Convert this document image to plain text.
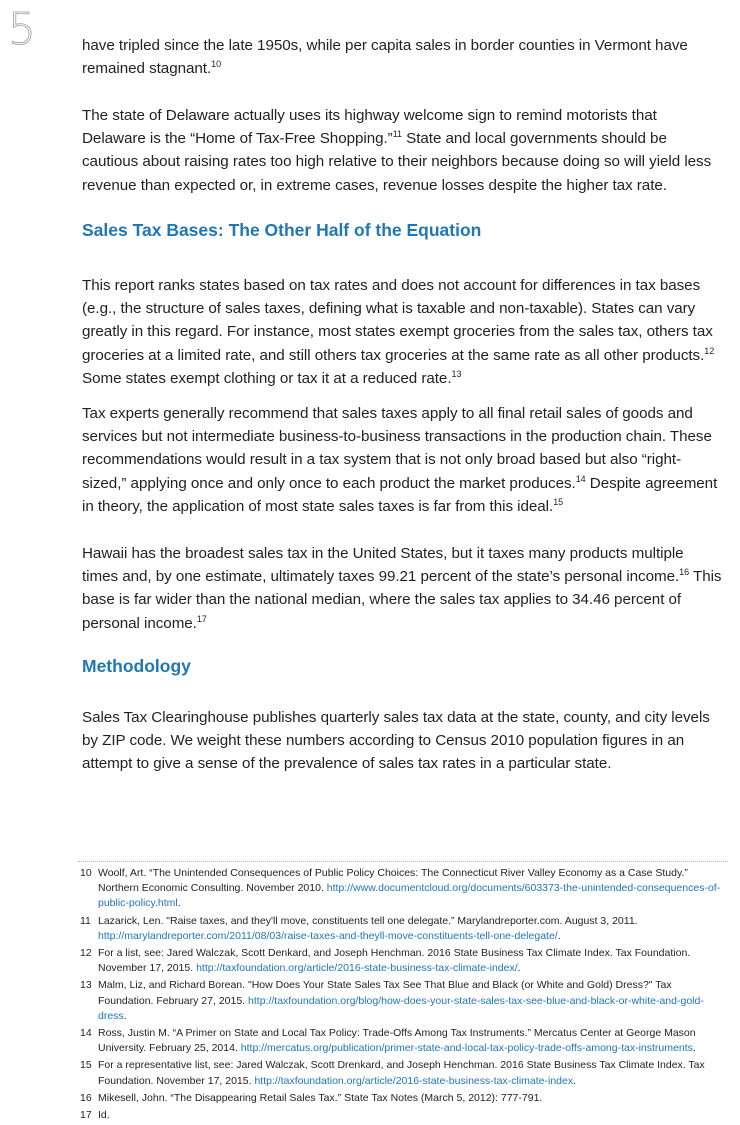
5	have tripled since the late 1950s, while per capita sales in border counties in Vermont have remained stagnant.$^{10}$

The state of Delaware actually uses its highway welcome sign to remind motorists that Delaware is the “Home of Tax-Free Shopping.”$^{11}$ State and local governments should be cautious about raising rates too high relative to their neighbors because doing so will yield less revenue than expected or, in extreme cases, revenue losses despite the higher tax rate.

Sales Tax Bases: The Other Half of the Equation

This report ranks states based on tax rates and does not account for differences in tax bases (e.g., the structure of sales taxes, defining what is taxable and non-taxable). States can vary greatly in this regard. For instance, most states exempt groceries from the sales tax, others tax groceries at a limited rate, and still others tax groceries at the same rate as all other products.$^{12}$ Some states exempt clothing or tax it at a reduced rate.$^{13}$

Tax experts generally recommend that sales taxes apply to all final retail sales of goods and services but not intermediate business-to-business transactions in the production chain. These recommendations would result in a tax system that is not only broad based but also “right-sized,” applying once and only once to each product the market produces.$^{14}$ Despite agreement in theory, the application of most state sales taxes is far from this ideal.$^{15}$

Hawaii has the broadest sales tax in the United States, but it taxes many products multiple times and, by one estimate, ultimately taxes 99.21 percent of the state’s personal income.$^{16}$ This base is far wider than the national median, where the sales tax applies to 34.46 percent of personal income.$^{17}$

Methodology

Sales Tax Clearinghouse publishes quarterly sales tax data at the state, county, and city levels by ZIP code. We weight these numbers according to Census 2010 population figures in an attempt to give a sense of the prevalence of sales tax rates in a particular state.

10 Woolf, Art. “The Unintended Consequences of Public Policy Choices: The Connecticut River Valley Economy as a Case Study.” Northern Economic Consulting. November 2010. http://www.documentcloud.org/documents/603373-the-unintended-consequences-of-public-policy.html.
11 Lazarick, Len. "Raise taxes, and they'll move, constituents tell one delegate.” Marylandreporter.com. August 3, 2011. http://marylandreporter.com/2011/08/03/raise-taxes-and-theyll-move-constituents-tell-one-delegate/.
12 For a list, see: Jared Walczak, Scott Denkard, and Joseph Henchman. 2016 State Business Tax Climate Index. Tax Foundation. November 17, 2015. http://taxfoundation.org/article/2016-state-business-tax-climate-index/.
13 Malm, Liz, and Richard Borean. "How Does Your State Sales Tax See That Blue and Black (or White and Gold) Dress?" Tax Foundation. February 27, 2015. http://taxfoundation.org/blog/how-does-your-state-sales-tax-see-blue-and-black-or-white-and-gold-dress.
14 Ross, Justin M. “A Primer on State and Local Tax Policy: Trade-Offs Among Tax Instruments.” Mercatus Center at George Mason University. February 25, 2014. http://mercatus.org/publication/primer-state-and-local-tax-policy-trade-offs-among-tax-instruments.
15 For a representative list, see: Jared Walczak, Scott Drenkard, and Joseph Henchman. 2016 State Business Tax Climate Index. Tax Foundation. November 17, 2015. http://taxfoundation.org/article/2016-state-business-tax-climate-index.
16 Mikesell, John. “The Disappearing Retail Sales Tax.” State Tax Notes (March 5, 2012): 777-791.
17 Id.
